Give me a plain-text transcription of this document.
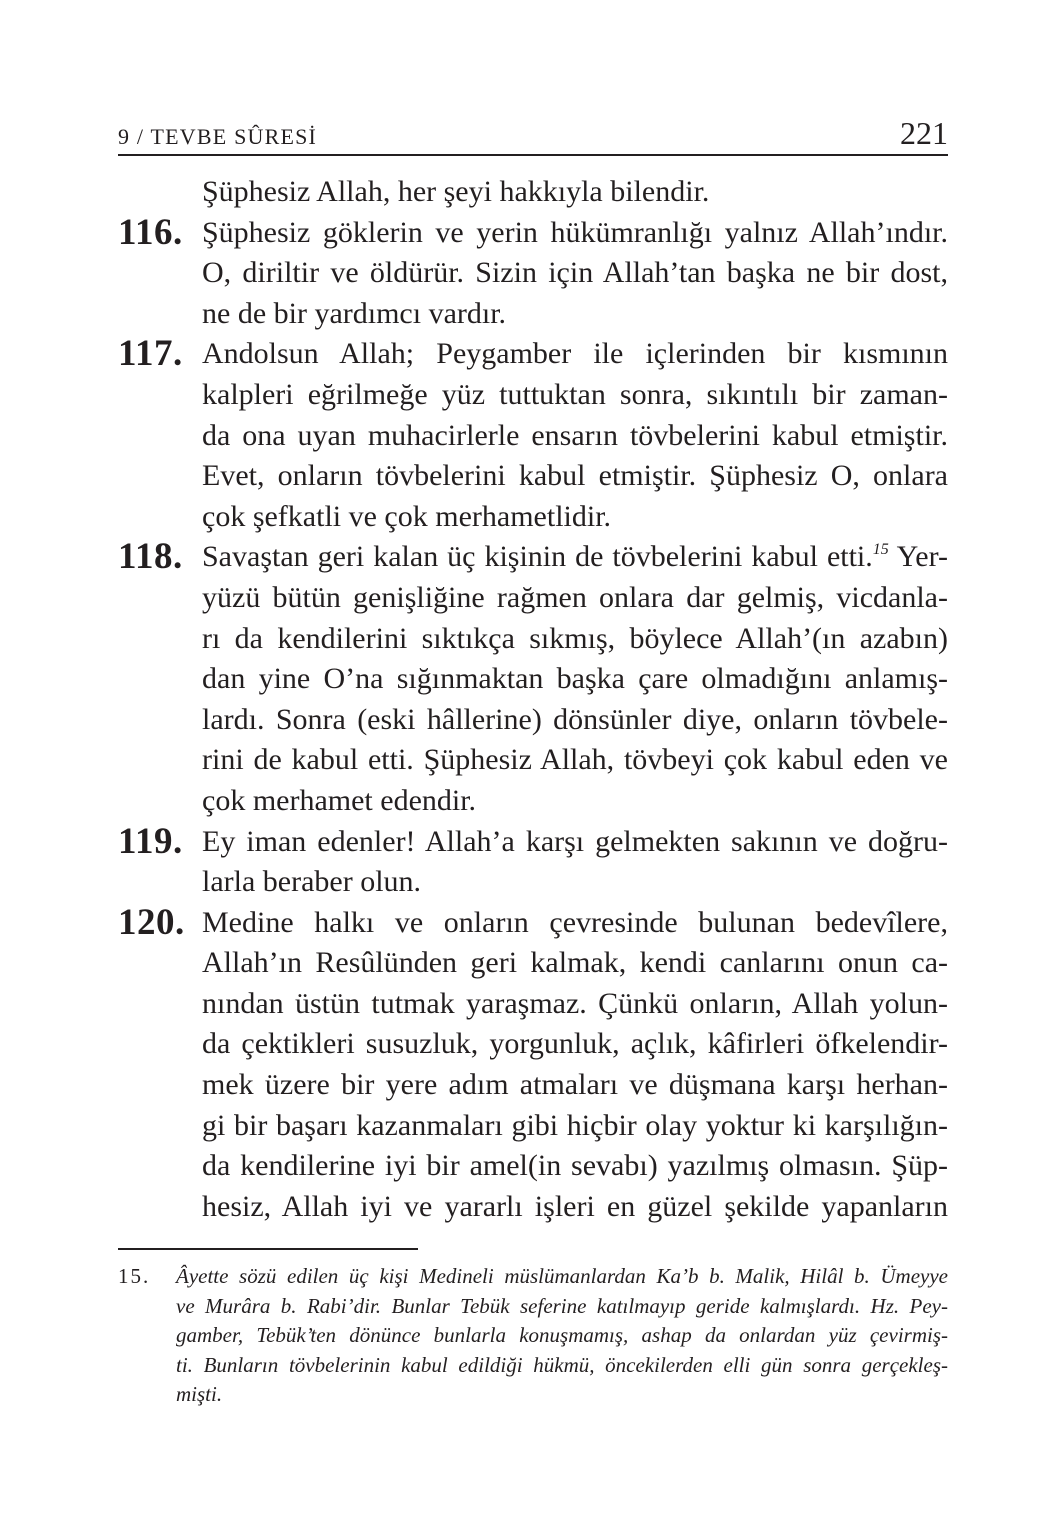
9 / TEVBE SÛRESİ	221
Şüphesiz Allah, her şeyi hakkıyla bilendir.
116. Şüphesiz göklerin ve yerin hükümranlığı yalnız Allah’ındır.
O, diriltir ve öldürür. Sizin için Allah’tan başka ne bir dost,
ne de bir yardımcı vardır.
117. Andolsun Allah; Peygamber ile içlerinden bir kısmının
kalpleri eğrilmeğe yüz tuttuktan sonra, sıkıntılı bir zaman-
da ona uyan muhacirlerle ensarın tövbelerini kabul etmiştir.
Evet, onların tövbelerini kabul etmiştir. Şüphesiz O, onlara
çok şefkatli ve çok merhametlidir.
118. Savaştan geri kalan üç kişinin de tövbelerini kabul etti.$^{15}$ Yer-
yüzü bütün genişliğine rağmen onlara dar gelmiş, vicdanla-
rı da kendilerini sıktıkça sıkmış, böylece Allah’(ın azabın)
dan yine O’na sığınmaktan başka çare olmadığını anlamış-
lardı. Sonra (eski hâllerine) dönsünler diye, onların tövbele-
rini de kabul etti. Şüphesiz Allah, tövbeyi çok kabul eden ve
çok merhamet edendir.
119. Ey iman edenler! Allah’a karşı gelmekten sakının ve doğru-
larla beraber olun.
120. Medine halkı ve onların çevresinde bulunan bedevîlere,
Allah’ın Resûlünden geri kalmak, kendi canlarını onun ca-
nından üstün tutmak yaraşmaz. Çünkü onların, Allah yolun-
da çektikleri susuzluk, yorgunluk, açlık, kâfirleri öfkelendir-
mek üzere bir yere adım atmaları ve düşmana karşı herhan-
gi bir başarı kazanmaları gibi hiçbir olay yoktur ki karşılığın-
da kendilerine iyi bir amel(in sevabı) yazılmış olmasın. Şüp-
hesiz, Allah iyi ve yararlı işleri en güzel şekilde yapanların
15.	Âyette sözü edilen üç kişi Medineli müslümanlardan Ka’b b. Malik, Hilâl b. Ümeyye
ve Murâra b. Rabi’dir. Bunlar Tebük seferine katılmayıp geride kalmışlardı. Hz. Pey-
gamber, Tebük’ten dönünce bunlarla konuşmamış, ashap da onlardan yüz çevirmiş-
ti. Bunların tövbelerinin kabul edildiği hükmü, öncekilerden elli gün sonra gerçekleş-
mişti.
